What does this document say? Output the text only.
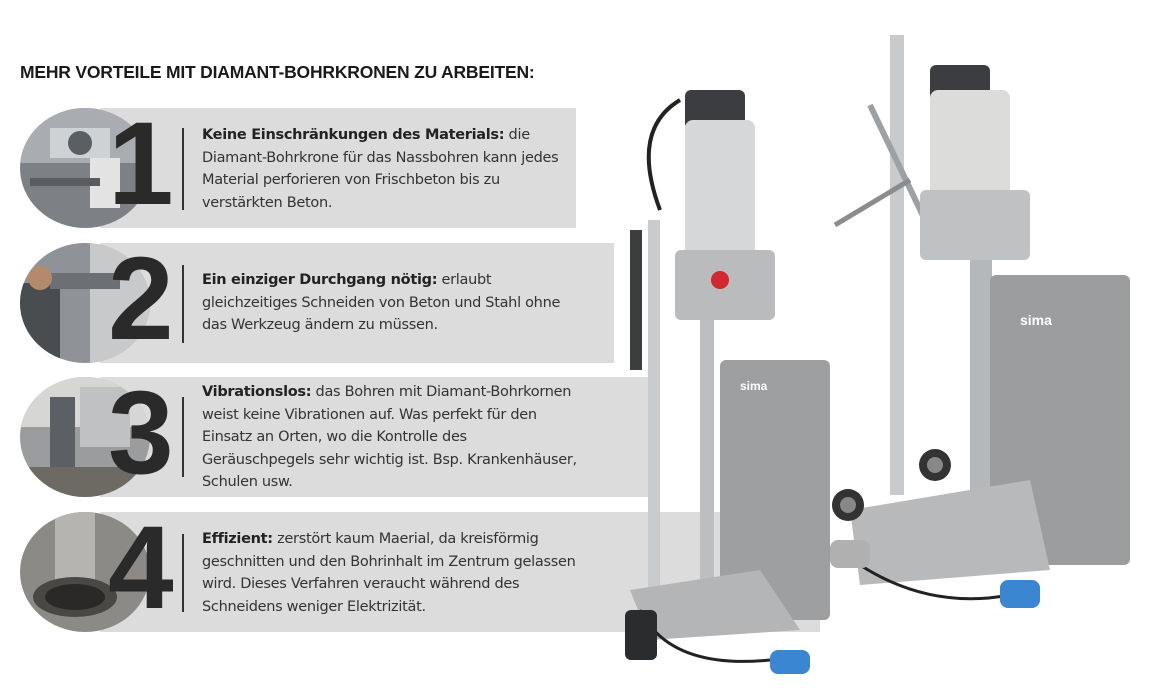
MEHR VORTEILE MIT DIAMANT-BOHRKRONEN ZU ARBEITEN:
1 Keine Einschränkungen des Materials: die Diamant-Bohrkrone für das Nassbohren kann jedes Material perforieren von Frischbeton bis zu verstärkten Beton.
2 Ein einziger Durchgang nötig: erlaubt gleichzeitiges Schneiden von Beton und Stahl ohne das Werkzeug ändern zu müssen.
3 Vibrationslos: das Bohren mit Diamant-Bohrkornen weist keine Vibrationen auf. Was perfekt für den Einsatz an Orten, wo die Kontrolle des Geräuschpegels sehr wichtig ist. Bsp. Krankenhäuser, Schulen usw.
4 Effizient: zerstört kaum Maerial, da kreisförmig geschnitten und den Bohrinhalt im Zentrum gelassen wird. Dieses Verfahren veraucht während des Schneidens weniger Elektrizität.
sima
sima
